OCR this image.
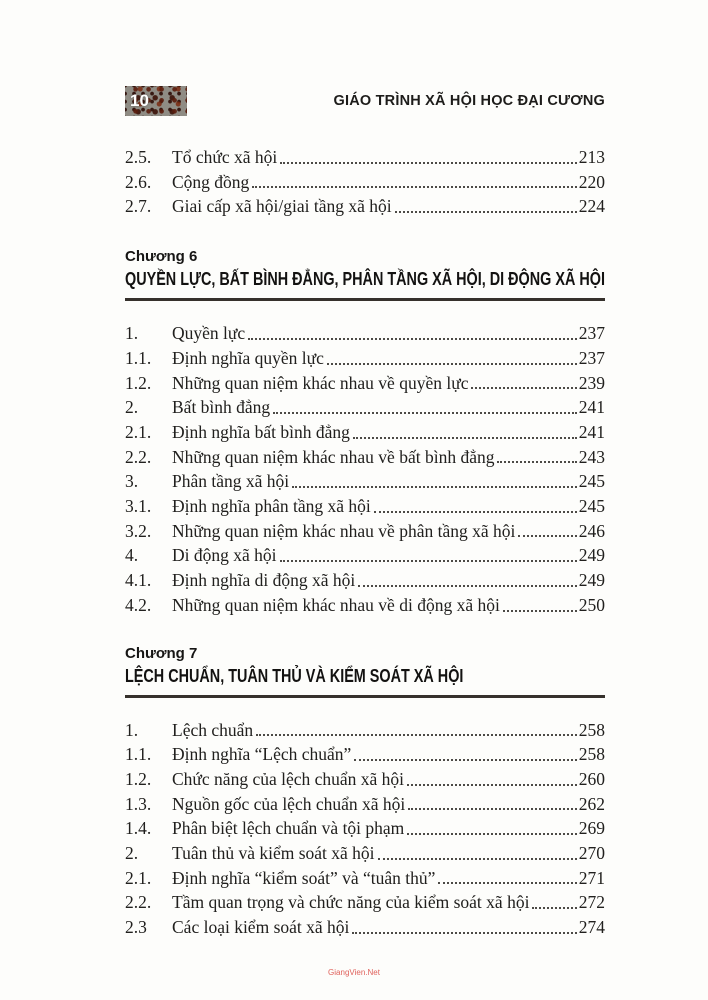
10	GIÁO TRÌNH XÃ HỘI HỌC ĐẠI CƯƠNG
2.5.	Tổ chức xã hội	213
2.6.	Cộng đồng	220
2.7.	Giai cấp xã hội/giai tầng xã hội	224
Chương 6
QUYỀN LỰC, BẤT BÌNH ĐẲNG, PHÂN TẦNG XÃ HỘI, DI ĐỘNG XÃ HỘI
1.	Quyền lực	237
1.1.	Định nghĩa quyền lực	237
1.2.	Những quan niệm khác nhau về quyền lực	239
2.	Bất bình đẳng	241
2.1.	Định nghĩa bất bình đẳng	241
2.2.	Những quan niệm khác nhau về bất bình đẳng	243
3.	Phân tầng xã hội	245
3.1.	Định nghĩa phân tầng xã hội	245
3.2.	Những quan niệm khác nhau về phân tầng xã hội	246
4.	Di động xã hội	249
4.1.	Định nghĩa di động xã hội	249
4.2.	Những quan niệm khác nhau về di động xã hội	250
Chương 7
LỆCH CHUẨN, TUÂN THỦ VÀ KIỂM SOÁT XÃ HỘI
1.	Lệch chuẩn	258
1.1.	Định nghĩa “Lệch chuẩn”	258
1.2.	Chức năng của lệch chuẩn xã hội	260
1.3.	Nguồn gốc của lệch chuẩn xã hội	262
1.4.	Phân biệt lệch chuẩn và tội phạm	269
2.	Tuân thủ và kiểm soát xã hội	270
2.1.	Định nghĩa “kiểm soát” và “tuân thủ”	271
2.2.	Tầm quan trọng và chức năng của kiểm soát xã hội	272
2.3	Các loại kiểm soát xã hội	274
GiangVien.Net
